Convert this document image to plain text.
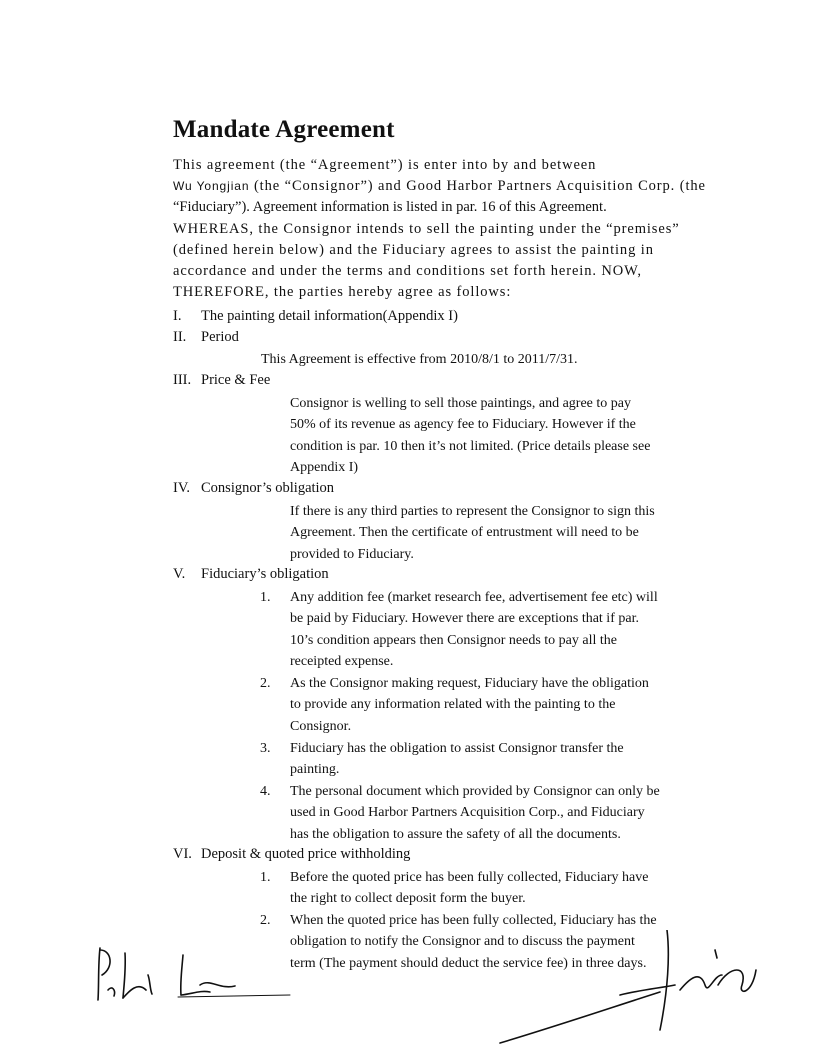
Mandate Agreement
This agreement (the “Agreement”) is enter into by and between
Wu Yongjian (the “Consignor”) and Good Harbor Partners Acquisition Corp. (the
“Fiduciary”). Agreement information is listed in par. 16 of this Agreement.
WHEREAS, the Consignor intends to sell the painting under the “premises”
(defined herein below) and the Fiduciary agrees to assist the painting in
accordance and under the terms and conditions set forth herein. NOW,
THEREFORE, the parties hereby agree as follows:
I. The painting detail information(Appendix I)
II. Period
This Agreement is effective from 2010/8/1 to 2011/7/31.
III. Price & Fee
Consignor is welling to sell those paintings, and agree to pay
50% of its revenue as agency fee to Fiduciary. However if the
condition is par. 10 then it’s not limited. (Price details please see
Appendix I)
IV. Consignor’s obligation
If there is any third parties to represent the Consignor to sign this
Agreement. Then the certificate of entrustment will need to be
provided to Fiduciary.
V. Fiduciary’s obligation
1. Any addition fee (market research fee, advertisement fee etc) will
be paid by Fiduciary. However there are exceptions that if par.
10’s condition appears then Consignor needs to pay all the
receipted expense.
2. As the Consignor making request, Fiduciary have the obligation
to provide any information related with the painting to the
Consignor.
3. Fiduciary has the obligation to assist Consignor transfer the
painting.
4. The personal document which provided by Consignor can only be
used in Good Harbor Partners Acquisition Corp., and Fiduciary
has the obligation to assure the safety of all the documents.
VI. Deposit & quoted price withholding
1. Before the quoted price has been fully collected, Fiduciary have
the right to collect deposit form the buyer.
2. When the quoted price has been fully collected, Fiduciary has the
obligation to notify the Consignor and to discuss the payment
term (The payment should deduct the service fee) in three days.
